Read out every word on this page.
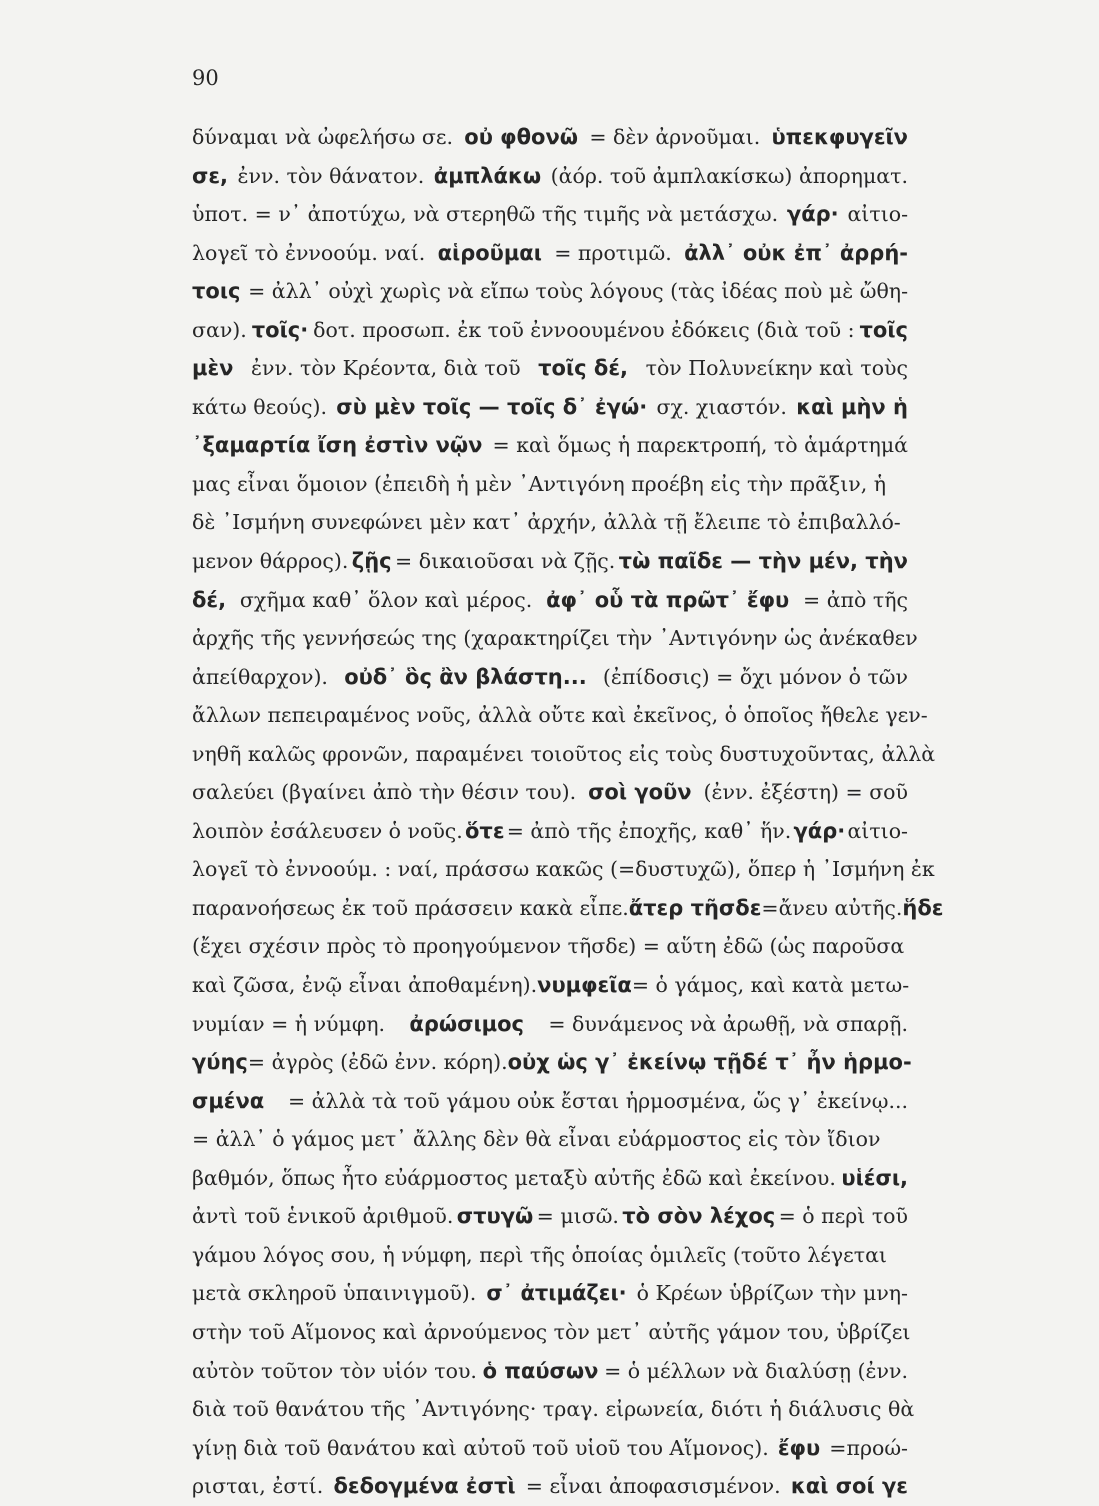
90
δύναμαι νὰ ὠφελήσω σε. οὐ φθονῶ = δὲν ἀρνοῦμαι. ὑπεκφυγεῖν
σε, ἐνν. τὸν θάνατον. ἀμπλάκω (ἀόρ. τοῦ ἀμπλακίσκω) ἀπορηματ.
ὑποτ. = ν᾽ ἀποτύχω, νὰ στερηθῶ τῆς τιμῆς νὰ μετάσχω. γάρ· αἰτιο-
λογεῖ τὸ ἐννοούμ. ναί. αἱροῦμαι = προτιμῶ. ἀλλ᾽ οὐκ ἐπ᾽ ἀρρή-
τοις = ἀλλ᾽ οὐχὶ χωρὶς νὰ εἴπω τοὺς λόγους (τὰς ἰδέας ποὺ μὲ ὤθη-
σαν). τοῖς· δοτ. προσωπ. ἐκ τοῦ ἐννοουμένου ἐδόκεις (διὰ τοῦ : τοῖς
μὲν ἐνν. τὸν Κρέοντα, διὰ τοῦ τοῖς δέ, τὸν Πολυνείκην καὶ τοὺς
κάτω θεούς). σὺ μὲν τοῖς — τοῖς δ᾽ ἐγώ· σχ. χιαστόν. καὶ μὴν ἡ
᾽ξαμαρτία ἴση ἐστὶν νῷν = καὶ ὅμως ἡ παρεκτροπή, τὸ ἁμάρτημά
μας εἶναι ὅμοιον (ἐπειδὴ ἡ μὲν ᾽Αντιγόνη προέβη εἰς τὴν πρᾶξιν, ἡ
δὲ ᾽Ισμήνη συνεφώνει μὲν κατ᾽ ἀρχήν, ἀλλὰ τῇ ἔλειπε τὸ ἐπιβαλλό-
μενον θάρρος). ζῇς = δικαιοῦσαι νὰ ζῇς. τὼ παῖδε — τὴν μέν, τὴν
δέ, σχῆμα καθ᾽ ὅλον καὶ μέρος. ἀφ᾽ οὗ τὰ πρῶτ᾽ ἔφυ = ἀπὸ τῆς
ἀρχῆς τῆς γεννήσεώς της (χαρακτηρίζει τὴν ᾽Αντιγόνην ὡς ἀνέκαθεν
ἀπείθαρχον). οὐδ᾽ ὃς ἂν βλάστη... (ἐπίδοσις) = ὄχι μόνον ὁ τῶν
ἄλλων πεπειραμένος νοῦς, ἀλλὰ οὔτε καὶ ἐκεῖνος, ὁ ὁποῖος ἤθελε γεν-
νηθῆ καλῶς φρονῶν, παραμένει τοιοῦτος εἰς τοὺς δυστυχοῦντας, ἀλλὰ
σαλεύει (βγαίνει ἀπὸ τὴν θέσιν του). σοὶ γοῦν (ἐνν. ἐξέστη) = σοῦ
λοιπὸν ἐσάλευσεν ὁ νοῦς. ὅτε = ἀπὸ τῆς ἐποχῆς, καθ᾽ ἥν. γάρ· αἰτιο-
λογεῖ τὸ ἐννοούμ. : ναί, πράσσω κακῶς (=δυστυχῶ), ὅπερ ἡ ᾽Ισμήνη ἐκ
παρανοήσεως ἐκ τοῦ πράσσειν κακὰ εἶπε. ἄτερ τῆσδε =ἄνευ αὐτῆς. ἥδε
(ἔχει σχέσιν πρὸς τὸ προηγούμενον τῆσδε) = αὕτη ἐδῶ (ὡς παροῦσα
καὶ ζῶσα, ἐνῷ εἶναι ἀποθαμένη). νυμφεῖα = ὁ γάμος, καὶ κατὰ μετω-
νυμίαν = ἡ νύμφη. ἀρώσιμος = δυνάμενος νὰ ἀρωθῇ, νὰ σπαρῇ.
γύης = ἀγρὸς (ἐδῶ ἐνν. κόρη). οὐχ ὡς γ᾽ ἐκείνῳ τῇδέ τ᾽ ἦν ἡρμο-
σμένα = ἀλλὰ τὰ τοῦ γάμου οὐκ ἔσται ἡρμοσμένα, ὥς γ᾽ ἐκείνῳ...
= ἀλλ᾽ ὁ γάμος μετ᾽ ἄλλης δὲν θὰ εἶναι εὐάρμοστος εἰς τὸν ἴδιον
βαθμόν, ὅπως ἦτο εὐάρμοστος μεταξὺ αὐτῆς ἐδῶ καὶ ἐκείνου. υἱέσι,
ἀντὶ τοῦ ἑνικοῦ ἀριθμοῦ. στυγῶ = μισῶ. τὸ σὸν λέχος = ὁ περὶ τοῦ
γάμου λόγος σου, ἡ νύμφη, περὶ τῆς ὁποίας ὁμιλεῖς (τοῦτο λέγεται
μετὰ σκληροῦ ὑπαινιγμοῦ). σ᾽ ἀτιμάζει· ὁ Κρέων ὑβρίζων τὴν μνη-
στὴν τοῦ Αἵμονος καὶ ἀρνούμενος τὸν μετ᾽ αὐτῆς γάμον του, ὑβρίζει
αὐτὸν τοῦτον τὸν υἱόν του. ὁ παύσων = ὁ μέλλων νὰ διαλύσῃ (ἐνν.
διὰ τοῦ θανάτου τῆς ᾽Αντιγόνης· τραγ. εἰρωνεία, διότι ἡ διάλυσις θὰ
γίνῃ διὰ τοῦ θανάτου καὶ αὐτοῦ τοῦ υἱοῦ του Αἵμονος). ἔφυ =προώ-
ρισται, ἐστί. δεδογμένα ἐστὶ = εἶναι ἀποφασισμένον. καὶ σοί γε
